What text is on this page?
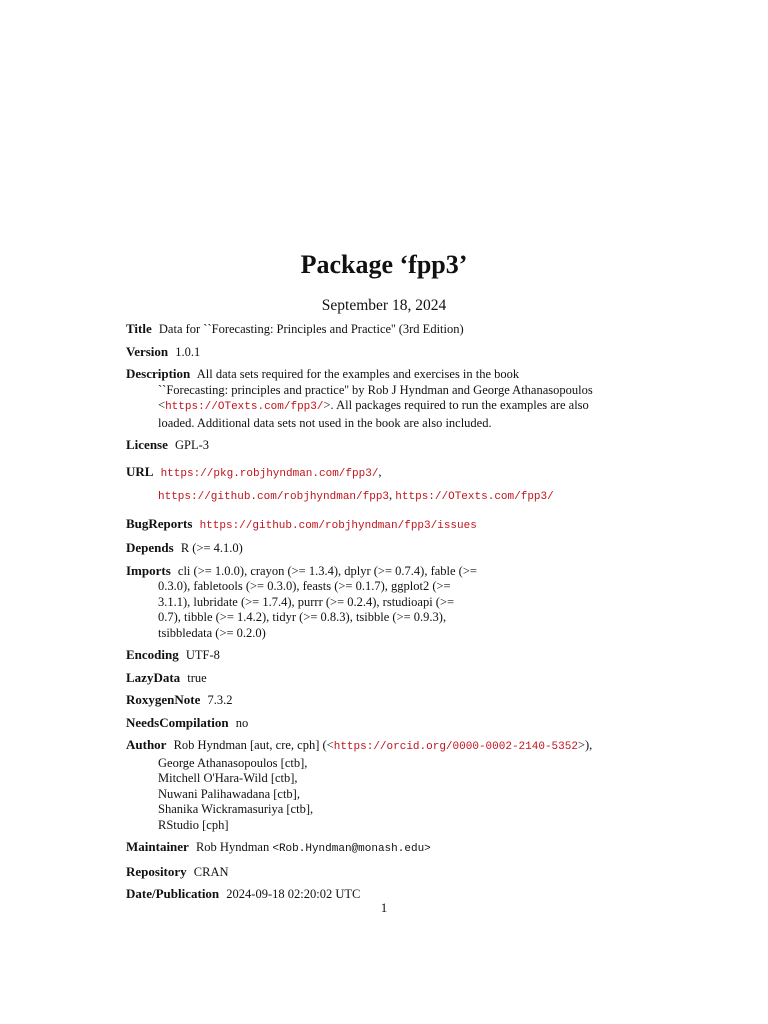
Package ‘fpp3’
September 18, 2024
Title Data for ``Forecasting: Principles and Practice'' (3rd Edition)
Version 1.0.1
Description All data sets required for the examples and exercises in the book
``Forecasting: principles and practice'' by Rob J Hyndman and George Athanasopoulos
<https://OTexts.com/fpp3/>. All packages required to run the examples are also
loaded. Additional data sets not used in the book are also included.
License GPL-3
URL https://pkg.robjhyndman.com/fpp3/,
https://github.com/robjhyndman/fpp3, https://OTexts.com/fpp3/
BugReports https://github.com/robjhyndman/fpp3/issues
Depends R (>= 4.1.0)
Imports cli (>= 1.0.0), crayon (>= 1.3.4), dplyr (>= 0.7.4), fable (>=
0.3.0), fabletools (>= 0.3.0), feasts (>= 0.1.7), ggplot2 (>=
3.1.1), lubridate (>= 1.7.4), purrr (>= 0.2.4), rstudioapi (>=
0.7), tibble (>= 1.4.2), tidyr (>= 0.8.3), tsibble (>= 0.9.3),
tsibbledata (>= 0.2.0)
Encoding UTF-8
LazyData true
RoxygenNote 7.3.2
NeedsCompilation no
Author Rob Hyndman [aut, cre, cph] (<https://orcid.org/0000-0002-2140-5352>),
George Athanasopoulos [ctb],
Mitchell O'Hara-Wild [ctb],
Nuwani Palihawadana [ctb],
Shanika Wickramasuriya [ctb],
RStudio [cph]
Maintainer Rob Hyndman <Rob.Hyndman@monash.edu>
Repository CRAN
Date/Publication 2024-09-18 02:20:02 UTC
1
